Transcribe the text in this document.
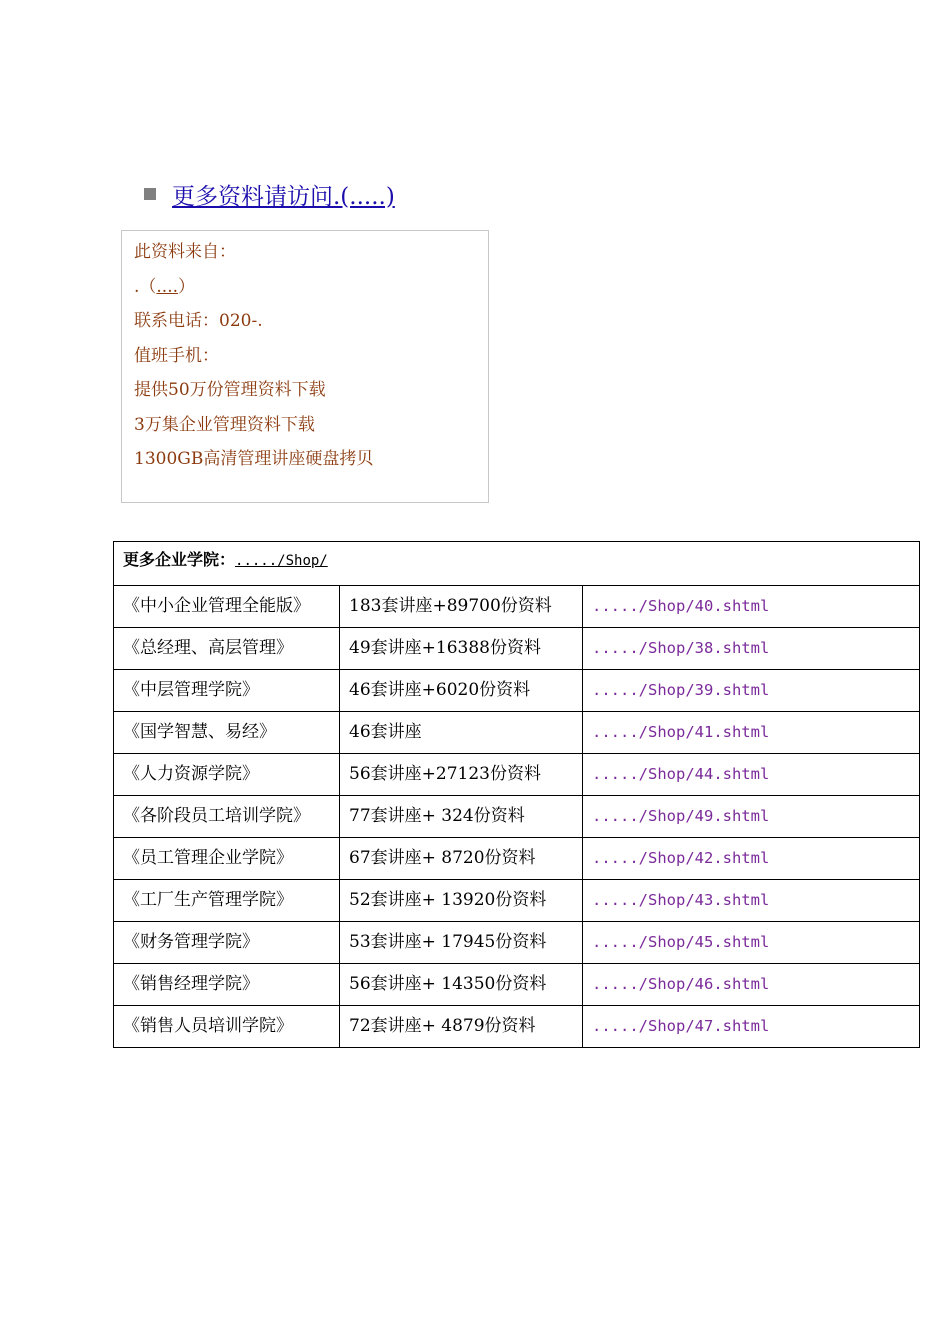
更多资料请访问.(.....)
此资料来自：
.（....）
联系电话：020-.
值班手机：
提供50万份管理资料下载
3万集企业管理资料下载
1300GB高清管理讲座硬盘拷贝
更多企业学院：...../Shop/		
《中小企业管理全能版》	183套讲座+89700份资料	...../Shop/40.shtml
《总经理、高层管理》	49套讲座+16388份资料	...../Shop/38.shtml
《中层管理学院》	46套讲座+6020份资料	...../Shop/39.shtml
《国学智慧、易经》	46套讲座	...../Shop/41.shtml
《人力资源学院》	56套讲座+27123份资料	...../Shop/44.shtml
《各阶段员工培训学院》	77套讲座+ 324份资料	...../Shop/49.shtml
《员工管理企业学院》	67套讲座+ 8720份资料	...../Shop/42.shtml
《工厂生产管理学院》	52套讲座+ 13920份资料	...../Shop/43.shtml
《财务管理学院》	53套讲座+ 17945份资料	...../Shop/45.shtml
《销售经理学院》	56套讲座+ 14350份资料	...../Shop/46.shtml
《销售人员培训学院》	72套讲座+ 4879份资料	...../Shop/47.shtml
